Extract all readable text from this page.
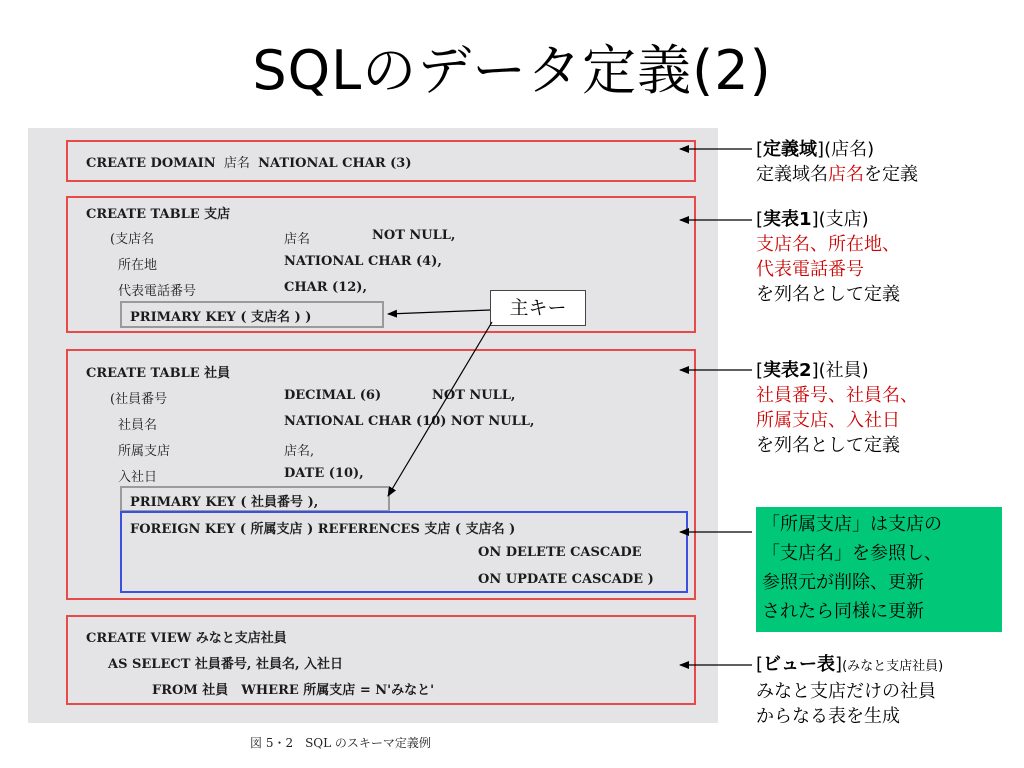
SQLのデータ定義(2)
CREATE DOMAIN 店名 NATIONAL CHAR (3)
CREATE TABLE 支店
(支店名	店名	NOT NULL,
所在地	NATIONAL CHAR (4),
代表電話番号	CHAR (12),
PRIMARY KEY ( 支店名 ) )
CREATE TABLE 社員
(社員番号	DECIMAL (6)	NOT NULL,
社員名	NATIONAL CHAR (10) NOT NULL,
所属支店	店名,
入社日	DATE (10),
PRIMARY KEY ( 社員番号 ),
FOREIGN KEY ( 所属支店 ) REFERENCES 支店 ( 支店名 )
ON DELETE CASCADE
ON UPDATE CASCADE )
CREATE VIEW みなと支店社員
AS SELECT 社員番号, 社員名, 入社日
FROM 社員　WHERE 所属支店 = N'みなと'
図 5・2　SQL のスキーマ定義例
主キー
[定義域](店名)
定義域名店名を定義
[実表1](支店)
支店名、所在地、
代表電話番号
を列名として定義
[実表2](社員)
社員番号、社員名、
所属支店、入社日
を列名として定義
「所属支店」は支店の
「支店名」を参照し、
参照元が削除、更新
されたら同様に更新
[ビュー表](みなと支店社員)
みなと支店だけの社員
からなる表を生成
